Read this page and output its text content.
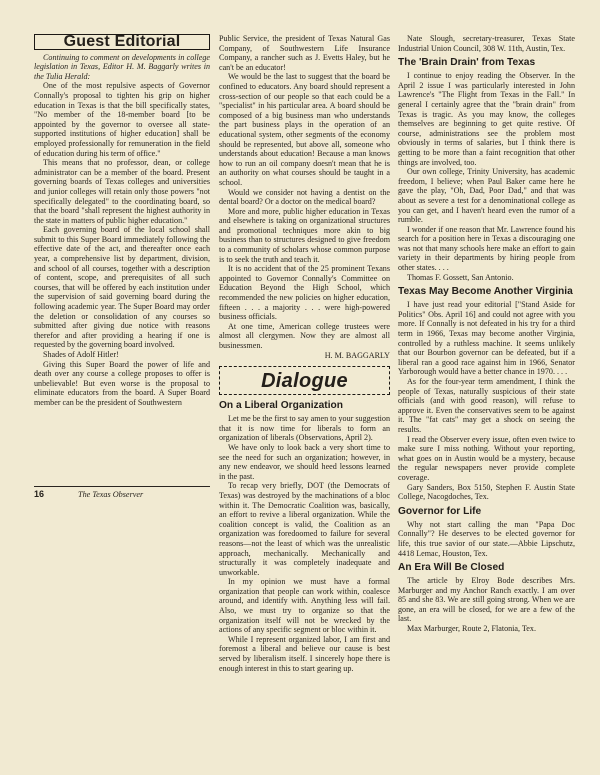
Guest Editorial

Continuing to comment on developments in college legislation in Texas, Editor H. M. Baggarly writes in the Tulia Herald:

One of the most repulsive aspects of Governor Connally's proposal to tighten his grip on higher education in Texas is that the bill specifically states, "No member of the 18-member board [to be appointed by the governor to oversee all state-supported institutions of higher education] shall be employed professionally for remuneration in the field of education during his term of office."

This means that no professor, dean, or college administrator can be a member of the board. Present governing boards of Texas colleges and universities and junior colleges will retain only those powers "not specifically delegated" to the coordinating board, so that the board "shall represent the highest authority in the state in matters of public higher education."

Each governing board of the local school shall submit to this Super Board immediately following the effective date of the act, and thereafter once each year, a comprehensive list by department, division, and school of all courses, together with a description of content, scope, and prerequisites of all such courses, that will be offered by each institution under the supervision of said governing board during the following academic year. The Super Board may order the deletion or consolidation of any courses so submitted after giving due notice with reasons therefor and after providing a hearing if one is requested by the governing board involved.

Shades of Adolf Hitler!

Giving this Super Board the power of life and death over any course a college proposes to offer is unbelievable! But even worse is the proposal to eliminate educators from the board. A Super Board member can be the president of Southwestern

16	The Texas Observer

Public Service, the president of Texas Natural Gas Company, of Southwestern Life Insurance Company, a rancher such as J. Evetts Haley, but he can't be an educator!

We would be the last to suggest that the board be confined to educators. Any board should represent a cross-section of our people so that each could be a "specialist" in his particular area. A board should be composed of a big business man who understands the part business plays in the operation of an educational system, other segments of the economy should be represented, but above all, someone who understands about education! Because a man knows how to run an oil company doesn't mean that he is an authority on what courses should be taught in a school.

Would we consider not having a dentist on the dental board? Or a doctor on the medical board?

More and more, public higher education in Texas and elsewhere is taking on organizational structures and promotional techniques more akin to big business than to structures designed to give freedom to a community of scholars whose common purpose is to seek the truth and teach it.

It is no accident that of the 25 prominent Texans appointed to Governor Connally's Committee on Education Beyond the High School, which recommended the new policies on higher education, fifteen . . . a majority . . . were high-powered business officials.

At one time, American college trustees were almost all clergymen. Now they are almost all businessmen.

H. M. BAGGARLY

Dialogue
On a Liberal Organization

Let me be the first to say amen to your suggestion that it is now time for liberals to form an organization of liberals (Observations, April 2).

We have only to look back a very short time to see the need for such an organization; however, in any new endeavor, we should heed lessons learned in the past.

To recap very briefly, DOT (the Democrats of Texas) was destroyed by the machinations of a bloc within it. The Democratic Coalition was, basically, an effort to revive a liberal organization. While the coalition concept is valid, the Coalition as an organization was foredoomed to failure for several reasons—not the least of which was the unrealistic approach, mechanically. Mechanically and structurally it was completely inadequate and unworkable.

In my opinion we must have a formal organization that people can work within, coalesce around, and identify with. Anything less will fail. Also, we must try to organize so that the organization itself will not be wrecked by the actions of any specific segment or bloc within it.

While I represent organized labor, I am first and foremost a liberal and believe our cause is best served by liberalism itself. I sincerely hope there is enough interest in this to start gearing up.

Nate Slough, secretary-treasurer, Texas State Industrial Union Council, 308 W. 11th, Austin, Tex.

The 'Brain Drain' from Texas

I continue to enjoy reading the Observer. In the April 2 issue I was particularly interested in John Lawrence's "The Flight from Texas in the Fall." In general I certainly agree that the "brain drain" from Texas is tragic. As you may know, the colleges themselves are beginning to get quite restive. Of course, administrations see the problem most obviously in terms of salaries, but I think there is getting to be more than a faint recognition that other things are involved, too.

Our own college, Trinity University, has academic freedom, I believe; when Paul Baker came here he gave the play, "Oh, Dad, Poor Dad," and that was about as severe a test for a denominational college as you can get, and I haven't heard even the rumor of a rumble.

I wonder if one reason that Mr. Lawrence found his search for a position here in Texas a discouraging one was not that many schools here make an effort to gain variety in their departments by hiring people from other states. . . .

Thomas F. Gossett, San Antonio.

Texas May Become Another Virginia

I have just read your editorial ["Stand Aside for Politics" Obs. April 16] and could not agree with you more. If Connally is not defeated in his try for a third term in 1966, Texas may become another Virginia, controlled by a ruthless machine. It seems unlikely that our Bourbon governor can be defeated, but if a liberal ran a good race against him in 1966, Senator Yarborough would have a better chance in 1970. . . .

As for the four-year term amendment, I think the people of Texas, naturally suspicious of their state officials (and with good reason), will refuse to approve it. Even the conservatives seem to be against it. The "fat cats" may get a shock on seeing the results.

I read the Observer every issue, often even twice to make sure I miss nothing. Without your reporting, what goes on in Austin would be a mystery, because the regular newspapers never provide complete coverage.

Gary Sanders, Box 5150, Stephen F. Austin State College, Nacogdoches, Tex.

Governor for Life

Why not start calling the man "Papa Doc Connally"? He deserves to be elected governor for life, this true savior of our state.—Abbie Lipschutz, 4418 Lemac, Houston, Tex.

An Era Will Be Closed

The article by Elroy Bode describes Mrs. Marburger and my Anchor Ranch exactly. I am over 85 and she 83. We are still going strong. When we are gone, an era will be closed, for we are a few of the last.

Max Marburger, Route 2, Flatonia, Tex.
